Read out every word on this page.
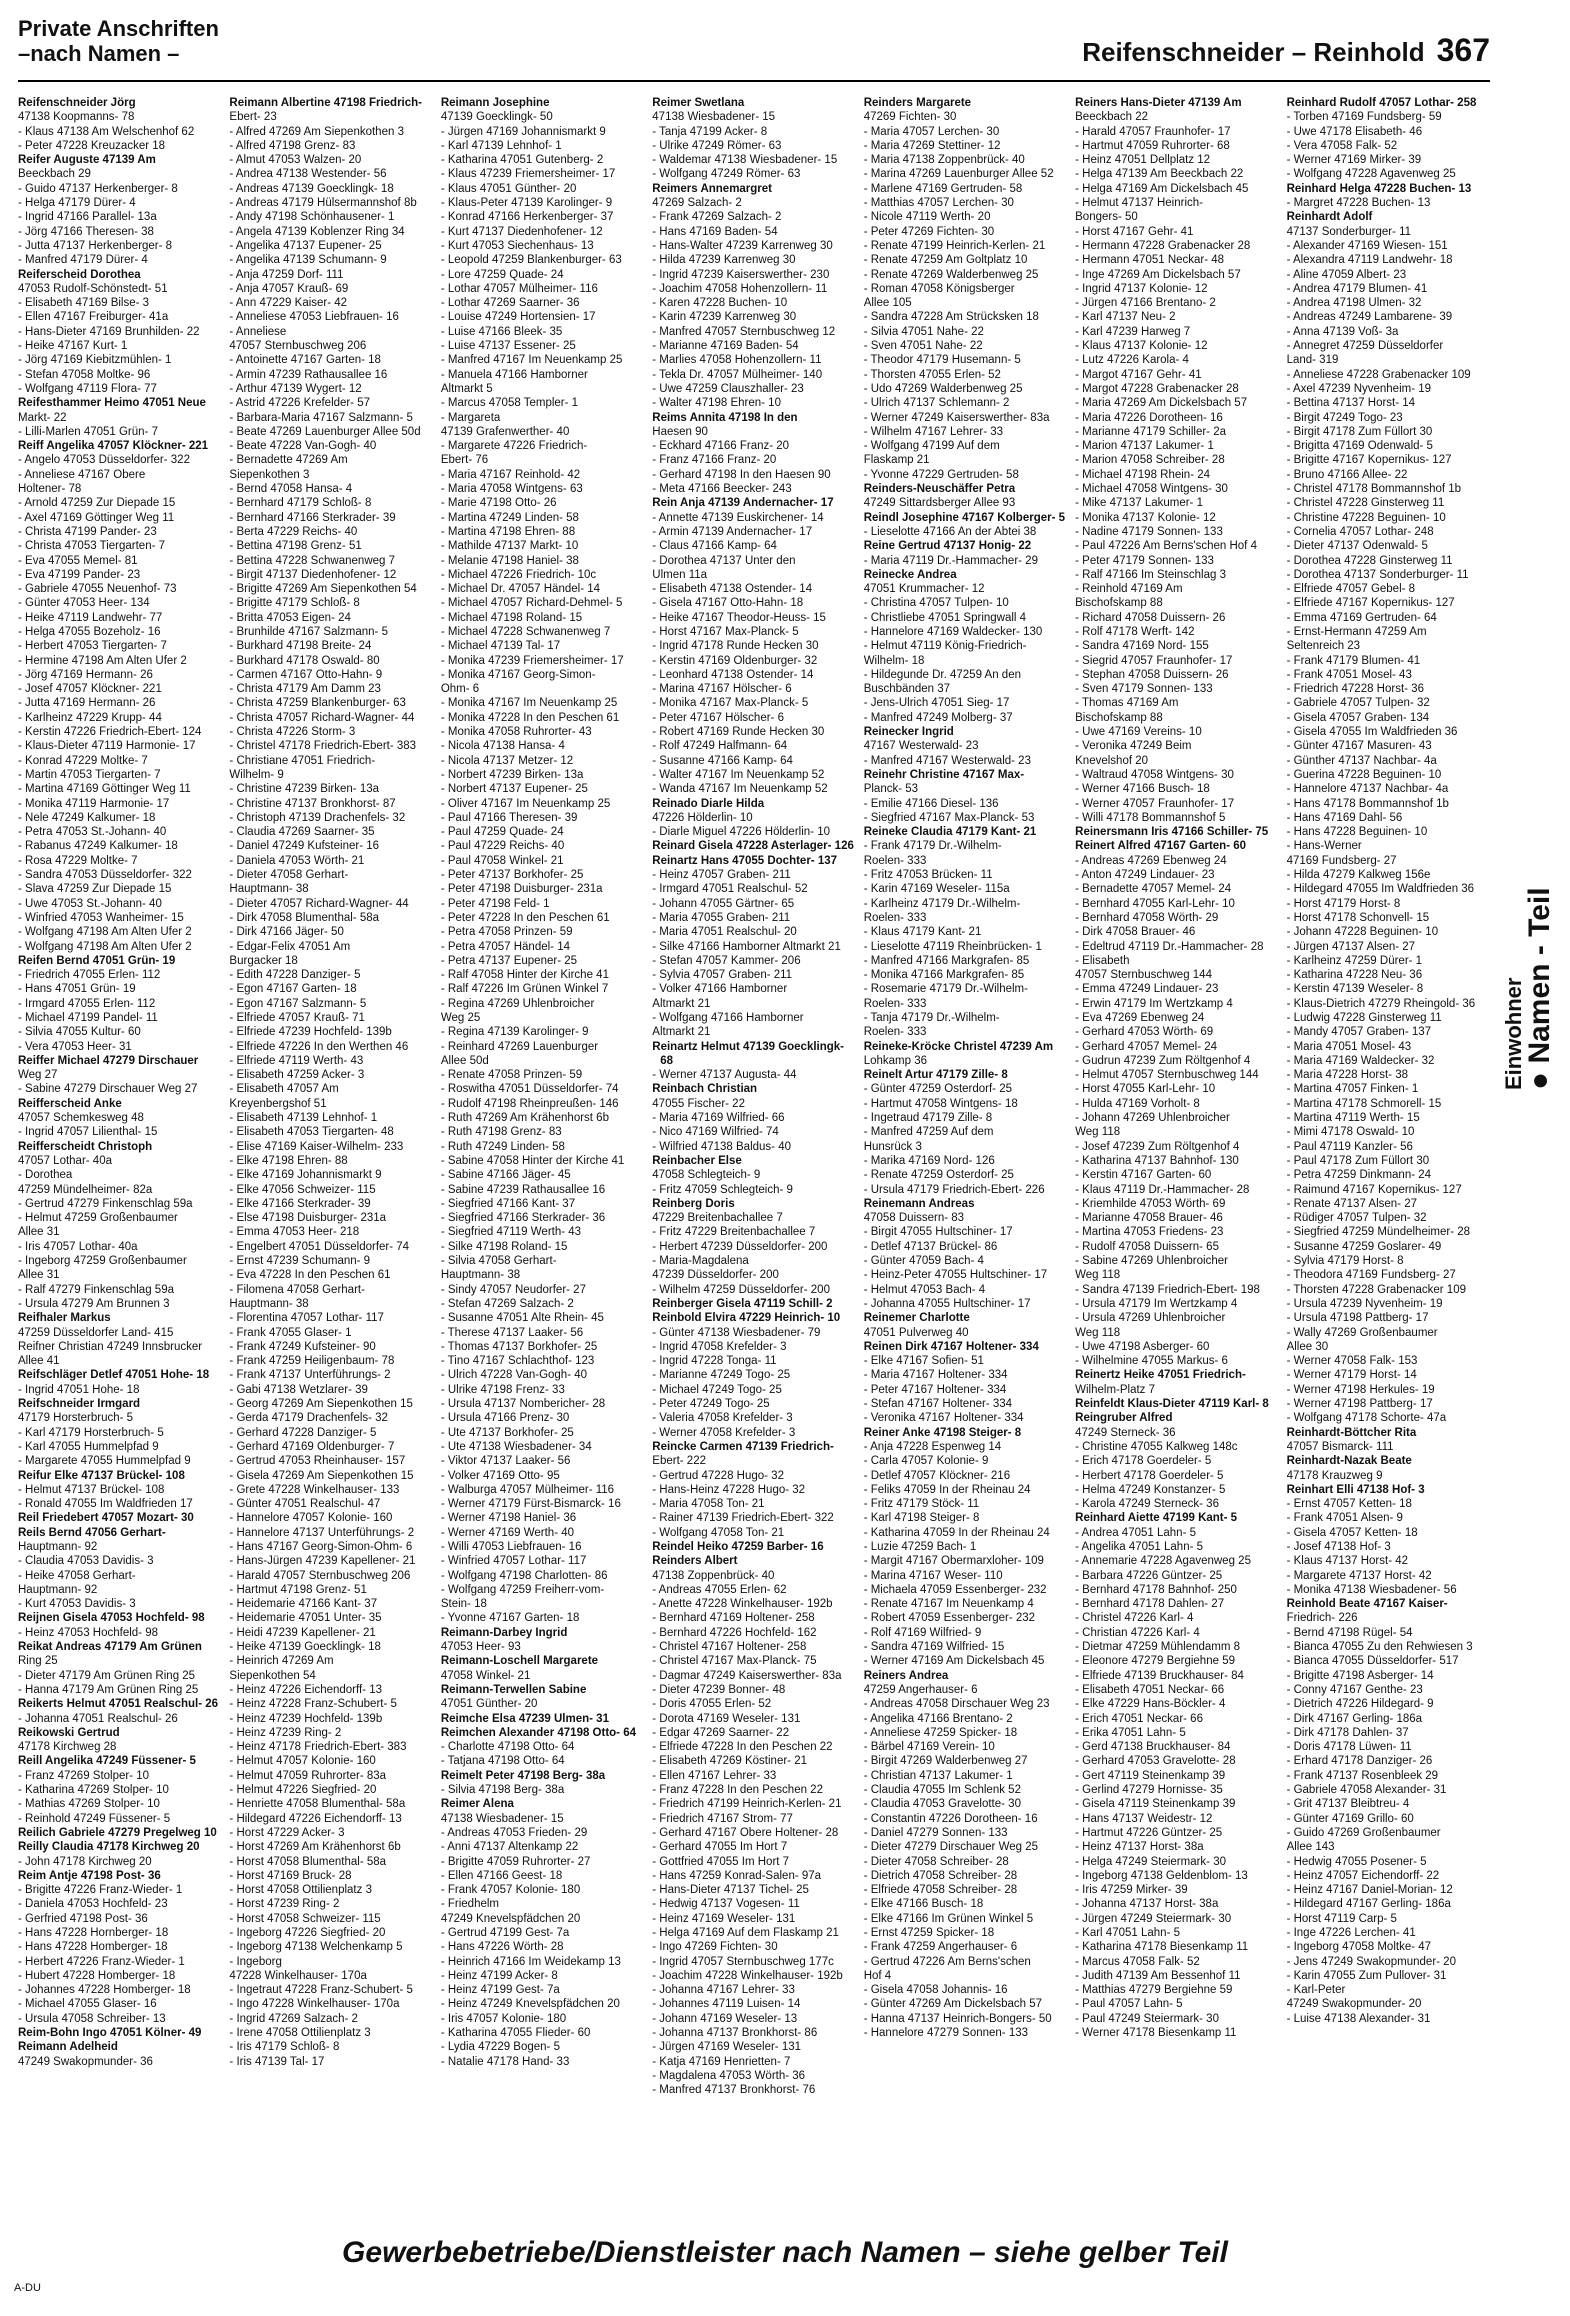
Private Anschriften
–nach Namen –	Reifenschneider – Reinhold 367
Reifenschneider Jörg
47138 Koopmanns- 78
- Klaus 47138 Am Welschenhof 62
- Peter 47228 Kreuzacker 18
Reifer Auguste 47139 Am
Beeckbach 29
- Guido 47137 Herkenberger- 8
- Helga 47179 Dürer- 4
- Ingrid 47166 Parallel- 13a
- Jörg 47166 Theresen- 38
- Jutta 47137 Herkenberger- 8
- Manfred 47179 Dürer- 4
Reiferscheid Dorothea
47053 Rudolf-Schönstedt- 51
- Elisabeth 47169 Bilse- 3
- Ellen 47167 Freiburger- 41a
- Hans-Dieter 47169 Brunhilden- 22
- Heike 47167 Kurt- 1
- Jörg 47169 Kiebitzmühlen- 1
- Stefan 47058 Moltke- 96
- Wolfgang 47119 Flora- 77
Reifesthammer Heimo 47051 Neue
Markt- 22
- Lilli-Marlen 47051 Grün- 7
Reiff Angelika 47057 Klöckner- 221
- Angelo 47053 Düsseldorfer- 322
- Anneliese 47167 Obere
Holtener- 78
- Arnold 47259 Zur Diepade 15
- Axel 47169 Göttinger Weg 11
- Christa 47199 Pander- 23
- Christa 47053 Tiergarten- 7
- Eva 47055 Memel- 81
- Eva 47199 Pander- 23
- Gabriele 47055 Neuenhof- 73
- Günter 47053 Heer- 134
- Heike 47119 Landwehr- 77
- Helga 47055 Bozeholz- 16
- Herbert 47053 Tiergarten- 7
- Hermine 47198 Am Alten Ufer 2
- Jörg 47169 Hermann- 26
- Josef 47057 Klöckner- 221
- Jutta 47169 Hermann- 26
- Karlheinz 47229 Krupp- 44
- Kerstin 47226 Friedrich-Ebert- 124
- Klaus-Dieter 47119 Harmonie- 17
- Konrad 47229 Moltke- 7
- Martin 47053 Tiergarten- 7
- Martina 47169 Göttinger Weg 11
- Monika 47119 Harmonie- 17
- Nele 47249 Kalkumer- 18
- Petra 47053 St.-Johann- 40
- Rabanus 47249 Kalkumer- 18
- Rosa 47229 Moltke- 7
- Sandra 47053 Düsseldorfer- 322
- Slava 47259 Zur Diepade 15
- Uwe 47053 St.-Johann- 40
- Winfried 47053 Wanheimer- 15
- Wolfgang 47198 Am Alten Ufer 2
- Wolfgang 47198 Am Alten Ufer 2
Reifen Bernd 47051 Grün- 19
- Friedrich 47055 Erlen- 112
- Hans 47051 Grün- 19
- Irmgard 47055 Erlen- 112
- Michael 47199 Pandel- 11
- Silvia 47055 Kultur- 60
- Vera 47053 Heer- 31
Reiffer Michael 47279 Dirschauer
Weg 27
- Sabine 47279 Dirschauer Weg 27
Reifferscheid Anke
47057 Schemkesweg 48
- Ingrid 47057 Lilienthal- 15
Reifferscheidt Christoph
47057 Lothar- 40a
- Dorothea
47259 Mündelheimer- 82a
- Gertrud 47279 Finkenschlag 59a
- Helmut 47259 Großenbaumer
Allee 31
- Iris 47057 Lothar- 40a
- Ingeborg 47259 Großenbaumer
Allee 31
- Ralf 47279 Finkenschlag 59a
- Ursula 47279 Am Brunnen 3
Reifhaler Markus
47259 Düsseldorfer Land- 415
Reifner Christian 47249 Innsbrucker
Allee 41
Reifschläger Detlef 47051 Hohe- 18
- Ingrid 47051 Hohe- 18
Reifschneider Irmgard
47179 Horsterbruch- 5
- Karl 47179 Horsterbruch- 5
- Karl 47055 Hummelpfad 9
- Margarete 47055 Hummelpfad 9
Reifur Elke 47137 Brückel- 108
- Helmut 47137 Brückel- 108
- Ronald 47055 Im Waldfrieden 17
Reil Friedebert 47057 Mozart- 30
Reils Bernd 47056 Gerhart-
Hauptmann- 92
- Claudia 47053 Davidis- 3
- Heike 47058 Gerhart-
Hauptmann- 92
- Kurt 47053 Davidis- 3
Reijnen Gisela 47053 Hochfeld- 98
- Heinz 47053 Hochfeld- 98
Reikat Andreas 47179 Am Grünen
Ring 25
- Dieter 47179 Am Grünen Ring 25
- Hanna 47179 Am Grünen Ring 25
Reikerts Helmut 47051 Realschul- 26
- Johanna 47051 Realschul- 26
Reikowski Gertrud
47178 Kirchweg 28
Reill Angelika 47249 Füssener- 5
- Franz 47269 Stolper- 10
- Katharina 47269 Stolper- 10
- Mathias 47269 Stolper- 10
- Reinhold 47249 Füssener- 5
Reilich Gabriele 47279 Pregelweg 10
Reilly Claudia 47178 Kirchweg 20
- John 47178 Kirchweg 20
Reim Antje 47198 Post- 36
- Brigitte 47226 Franz-Wieder- 1
- Daniela 47053 Hochfeld- 23
- Gerfried 47198 Post- 36
- Hans 47228 Hornberger- 18
- Hans 47228 Homberger- 18
- Herbert 47226 Franz-Wieder- 1
- Hubert 47228 Homberger- 18
- Johannes 47228 Homberger- 18
- Michael 47055 Glaser- 16
- Ursula 47058 Schreiber- 13
Reim-Bohn Ingo 47051 Kölner- 49
Reimann Adelheid
47249 Swakopmunder- 36
Reimann Albertine 47198 Friedrich-
Ebert- 23
- Alfred 47269 Am Siepenkothen 3
- Alfred 47198 Grenz- 83
- Almut 47053 Walzen- 20
- Andrea 47138 Westender- 56
- Andreas 47139 Goecklingk- 18
- Andreas 47179 Hülsermannshof 8b
- Andy 47198 Schönhausener- 1
- Angela 47139 Koblenzer Ring 34
- Angelika 47137 Eupener- 25
- Angelika 47139 Schumann- 9
- Anja 47259 Dorf- 111
- Anja 47057 Krauß- 69
- Ann 47229 Kaiser- 42
- Anneliese 47053 Liebfrauen- 16
- Anneliese
47057 Sternbuschweg 206
- Antoinette 47167 Garten- 18
- Armin 47239 Rathausallee 16
- Arthur 47139 Wygert- 12
- Astrid 47226 Krefelder- 57
- Barbara-Maria 47167 Salzmann- 5
- Beate 47269 Lauenburger Allee 50d
- Beate 47228 Van-Gogh- 40
- Bernadette 47269 Am
Siepenkothen 3
- Bernd 47058 Hansa- 4
- Bernhard 47179 Schloß- 8
- Bernhard 47166 Sterkrader- 39
- Berta 47229 Reichs- 40
- Bettina 47198 Grenz- 51
- Bettina 47228 Schwanenweg 7
- Birgit 47137 Diedenhofener- 12
- Brigitte 47269 Am Siepenkothen 54
- Brigitte 47179 Schloß- 8
- Britta 47053 Eigen- 24
- Brunhilde 47167 Salzmann- 5
- Burkhard 47198 Breite- 24
- Burkhard 47178 Oswald- 80
- Carmen 47167 Otto-Hahn- 9
- Christa 47179 Am Damm 23
- Christa 47259 Blankenburger- 63
- Christa 47057 Richard-Wagner- 44
- Christa 47226 Storm- 3
- Christel 47178 Friedrich-Ebert- 383
- Christiane 47051 Friedrich-
Wilhelm- 9
- Christine 47239 Birken- 13a
- Christine 47137 Bronkhorst- 87
- Christoph 47139 Drachenfels- 32
- Claudia 47269 Saarner- 35
- Daniel 47249 Kufsteiner- 16
- Daniela 47053 Wörth- 21
- Dieter 47058 Gerhart-
Hauptmann- 38
- Dieter 47057 Richard-Wagner- 44
- Dirk 47058 Blumenthal- 58a
- Dirk 47166 Jäger- 50
- Edgar-Felix 47051 Am
Burgacker 18
- Edith 47228 Danziger- 5
- Egon 47167 Garten- 18
- Egon 47167 Salzmann- 5
- Elfriede 47057 Krauß- 71
- Elfriede 47239 Hochfeld- 139b
- Elfriede 47226 In den Werthen 46
- Elfriede 47119 Werth- 43
- Elisabeth 47259 Acker- 3
- Elisabeth 47057 Am
Kreyenbergshof 51
- Elisabeth 47139 Lehnhof- 1
- Elisabeth 47053 Tiergarten- 48
- Elise 47169 Kaiser-Wilhelm- 233
- Elke 47198 Ehren- 88
- Elke 47169 Johannismarkt 9
- Elke 47056 Schweizer- 115
- Elke 47166 Sterkrader- 39
- Else 47198 Duisburger- 231a
- Emma 47053 Heer- 218
- Engelbert 47051 Düsseldorfer- 74
- Ernst 47239 Schumann- 9
- Eva 47228 In den Peschen 61
- Filomena 47058 Gerhart-
Hauptmann- 38
- Florentina 47057 Lothar- 117
- Frank 47055 Glaser- 1
- Frank 47249 Kufsteiner- 90
- Frank 47259 Heiligenbaum- 78
- Frank 47137 Unterführungs- 2
- Gabi 47138 Wetzlarer- 39
- Georg 47269 Am Siepenkothen 15
- Gerda 47179 Drachenfels- 32
- Gerhard 47228 Danziger- 5
- Gerhard 47169 Oldenburger- 7
- Gertrud 47053 Rheinhauser- 157
- Gisela 47269 Am Siepenkothen 15
- Grete 47228 Winkelhauser- 133
- Günter 47051 Realschul- 47
- Hannelore 47057 Kolonie- 160
- Hannelore 47137 Unterführungs- 2
- Hans 47167 Georg-Simon-Ohm- 6
- Hans-Jürgen 47239 Kapellener- 21
- Harald 47057 Sternbuschweg 206
- Hartmut 47198 Grenz- 51
- Heidemarie 47166 Kant- 37
- Heidemarie 47051 Unter- 35
- Heidi 47239 Kapellener- 21
- Heike 47139 Goecklingk- 18
- Heinrich 47269 Am
Siepenkothen 54
- Heinz 47226 Eichendorff- 13
- Heinz 47228 Franz-Schubert- 5
- Heinz 47239 Hochfeld- 139b
- Heinz 47239 Ring- 2
- Heinz 47178 Friedrich-Ebert- 383
- Helmut 47057 Kolonie- 160
- Helmut 47059 Ruhrorter- 83a
- Helmut 47226 Siegfried- 20
- Henriette 47058 Blumenthal- 58a
- Hildegard 47226 Eichendorff- 13
- Horst 47229 Acker- 3
- Horst 47269 Am Krähenhorst 6b
- Horst 47058 Blumenthal- 58a
- Horst 47169 Bruck- 28
- Horst 47058 Ottilienplatz 3
- Horst 47239 Ring- 2
- Horst 47058 Schweizer- 115
- Ingeborg 47226 Siegfried- 20
- Ingeborg 47138 Welchenkamp 5
- Ingeborg
47228 Winkelhauser- 170a
- Ingetraut 47228 Franz-Schubert- 5
- Ingo 47228 Winkelhauser- 170a
- Ingrid 47269 Salzach- 2
- Irene 47058 Ottilienplatz 3
- Iris 47179 Schloß- 8
- Iris 47139 Tal- 17
Reimann Josephine
47139 Goecklingk- 50
- Jürgen 47169 Johannismarkt 9
- Karl 47139 Lehnhof- 1
- Katharina 47051 Gutenberg- 2
- Klaus 47239 Friemersheimer- 17
- Klaus 47051 Günther- 20
- Klaus-Peter 47139 Karolinger- 9
- Konrad 47166 Herkenberger- 37
- Kurt 47137 Diedenhofener- 12
- Kurt 47053 Siechenhaus- 13
- Leopold 47259 Blankenburger- 63
- Lore 47259 Quade- 24
- Lothar 47057 Mülheimer- 116
- Lothar 47269 Saarner- 36
- Louise 47249 Hortensien- 17
- Luise 47166 Bleek- 35
- Luise 47137 Essener- 25
- Manfred 47167 Im Neuenkamp 25
- Manuela 47166 Hamborner
Altmarkt 5
- Marcus 47058 Templer- 1
- Margareta
47139 Grafenwerther- 40
- Margarete 47226 Friedrich-
Ebert- 76
- Maria 47167 Reinhold- 42
- Maria 47058 Wintgens- 63
- Marie 47198 Otto- 26
- Martina 47249 Linden- 58
- Martina 47198 Ehren- 88
- Mathilde 47137 Markt- 10
- Melanie 47198 Haniel- 38
- Michael 47226 Friedrich- 10c
- Michael Dr. 47057 Händel- 14
- Michael 47057 Richard-Dehmel- 5
- Michael 47198 Roland- 15
- Michael 47228 Schwanenweg 7
- Michael 47139 Tal- 17
- Monika 47239 Friemersheimer- 17
- Monika 47167 Georg-Simon-
Ohm- 6
- Monika 47167 Im Neuenkamp 25
- Monika 47228 In den Peschen 61
- Monika 47058 Ruhrorter- 43
- Nicola 47138 Hansa- 4
- Nicola 47137 Metzer- 12
- Norbert 47239 Birken- 13a
- Norbert 47137 Eupener- 25
- Oliver 47167 Im Neuenkamp 25
- Paul 47166 Theresen- 39
- Paul 47259 Quade- 24
- Paul 47229 Reichs- 40
- Paul 47058 Winkel- 21
- Peter 47137 Borkhofer- 25
- Peter 47198 Duisburger- 231a
- Peter 47198 Feld- 1
- Peter 47228 In den Peschen 61
- Petra 47058 Prinzen- 59
- Petra 47057 Händel- 14
- Petra 47137 Eupener- 25
- Ralf 47058 Hinter der Kirche 41
- Ralf 47226 Im Grünen Winkel 7
- Regina 47269 Uhlenbroicher
Weg 25
- Regina 47139 Karolinger- 9
- Reinhard 47269 Lauenburger
Allee 50d
- Renate 47058 Prinzen- 59
- Roswitha 47051 Düsseldorfer- 74
- Rudolf 47198 Rheinpreußen- 146
- Ruth 47269 Am Krähenhorst 6b
- Ruth 47198 Grenz- 83
- Ruth 47249 Linden- 58
- Sabine 47058 Hinter der Kirche 41
- Sabine 47166 Jäger- 45
- Sabine 47239 Rathausallee 16
- Siegfried 47166 Kant- 37
- Siegfried 47166 Sterkrader- 36
- Siegfried 47119 Werth- 43
- Silke 47198 Roland- 15
- Silvia 47058 Gerhart-
Hauptmann- 38
- Sindy 47057 Neudorfer- 27
- Stefan 47269 Salzach- 2
- Susanne 47051 Alte Rhein- 45
- Therese 47137 Laaker- 56
- Thomas 47137 Borkhofer- 25
- Tino 47167 Schlachthof- 123
- Ulrich 47228 Van-Gogh- 40
- Ulrike 47198 Frenz- 33
- Ursula 47137 Nombericher- 28
- Ursula 47166 Prenz- 30
- Ute 47137 Borkhofer- 25
- Ute 47138 Wiesbadener- 34
- Viktor 47137 Laaker- 56
- Volker 47169 Otto- 95
- Walburga 47057 Mülheimer- 116
- Werner 47179 Fürst-Bismarck- 16
- Werner 47198 Haniel- 36
- Werner 47169 Werth- 40
- Willi 47053 Liebfrauen- 16
- Winfried 47057 Lothar- 117
- Wolfgang 47198 Charlotten- 86
- Wolfgang 47259 Freiherr-vom-
Stein- 18
- Yvonne 47167 Garten- 18
Reimann-Darbey Ingrid
47053 Heer- 93
Reimann-Loschell Margarete
47058 Winkel- 21
Reimann-Terwellen Sabine
47051 Günther- 20
Reimche Elsa 47239 Ulmen- 31
Reimchen Alexander 47198 Otto- 64
- Charlotte 47198 Otto- 64
- Tatjana 47198 Otto- 64
Reimelt Peter 47198 Berg- 38a
- Silvia 47198 Berg- 38a
Reimer Alena
47138 Wiesbadener- 15
- Andreas 47053 Frieden- 29
- Anni 47137 Altenkamp 22
- Brigitte 47059 Ruhrorter- 27
- Ellen 47166 Geest- 18
- Frank 47057 Kolonie- 180
- Friedhelm
47249 Knevelspfädchen 20
- Gertrud 47199 Gest- 7a
- Hans 47226 Wörth- 28
- Heinrich 47166 Im Weidekamp 13
- Heinz 47199 Acker- 8
- Heinz 47199 Gest- 7a
- Heinz 47249 Knevelspfädchen 20
- Iris 47057 Kolonie- 180
- Katharina 47055 Flieder- 60
- Lydia 47229 Bogen- 5
- Natalie 47178 Hand- 33
Reimer Swetlana
47138 Wiesbadener- 15
- Tanja 47199 Acker- 8
- Ulrike 47249 Römer- 63
- Waldemar 47138 Wiesbadener- 15
- Wolfgang 47249 Römer- 63
Reimers Annemargret
47269 Salzach- 2
- Frank 47269 Salzach- 2
- Hans 47169 Baden- 54
- Hans-Walter 47239 Karrenweg 30
- Hilda 47239 Karrenweg 30
- Ingrid 47239 Kaiserswerther- 230
- Joachim 47058 Hohenzollern- 11
- Karen 47228 Buchen- 10
- Karin 47239 Karrenweg 30
- Manfred 47057 Sternbuschweg 12
- Marianne 47169 Baden- 54
- Marlies 47058 Hohenzollern- 11
- Tekla Dr. 47057 Mülheimer- 140
- Uwe 47259 Clauszhaller- 23
- Walter 47198 Ehren- 10
Reims Annita 47198 In den
Haesen 90
- Eckhard 47166 Franz- 20
- Franz 47166 Franz- 20
- Gerhard 47198 In den Haesen 90
- Meta 47166 Beecker- 243
Rein Anja 47139 Andernacher- 17
- Annette 47139 Euskirchener- 14
- Armin 47139 Andernacher- 17
- Claus 47166 Kamp- 64
- Dorothea 47137 Unter den
Ulmen 11a
- Elisabeth 47138 Ostender- 14
- Gisela 47167 Otto-Hahn- 18
- Heike 47167 Theodor-Heuss- 15
- Horst 47167 Max-Planck- 5
- Ingrid 47178 Runde Hecken 30
- Kerstin 47169 Oldenburger- 32
- Leonhard 47138 Ostender- 14
- Marina 47167 Hölscher- 6
- Monika 47167 Max-Planck- 5
- Peter 47167 Hölscher- 6
- Robert 47169 Runde Hecken 30
- Rolf 47249 Halfmann- 64
- Susanne 47166 Kamp- 64
- Walter 47167 Im Neuenkamp 52
- Wanda 47167 Im Neuenkamp 52
Reinado Diarle Hilda
47226 Hölderlin- 10
- Diarle Miguel 47226 Hölderlin- 10
Reinard Gisela 47228 Asterlager- 126
Reinartz Hans 47055 Dochter- 137
- Heinz 47057 Graben- 211
- Irmgard 47051 Realschul- 52
- Johann 47055 Gärtner- 65
- Maria 47055 Graben- 211
- Maria 47051 Realschul- 20
- Silke 47166 Hamborner Altmarkt 21
- Stefan 47057 Kammer- 206
- Sylvia 47057 Graben- 211
- Volker 47166 Hamborner
Altmarkt 21
- Wolfgang 47166 Hamborner
Altmarkt 21
Reinartz Helmut 47139 Goecklingk- 68
- Werner 47137 Augusta- 44
Reinbach Christian
47055 Fischer- 22
- Maria 47169 Wilfried- 66
- Nico 47169 Wilfried- 74
- Wilfried 47138 Baldus- 40
Reinbacher Else
47058 Schlegteich- 9
- Fritz 47059 Schlegteich- 9
Reinberg Doris
47229 Breitenbachallee 7
- Fritz 47229 Breitenbachallee 7
- Herbert 47239 Düsseldorfer- 200
- Maria-Magdalena
47239 Düsseldorfer- 200
- Wilhelm 47259 Düsseldorfer- 200
Reinberger Gisela 47119 Schill- 2
Reinbold Elvira 47229 Heinrich- 10
- Günter 47138 Wiesbadener- 79
- Ingrid 47058 Krefelder- 3
- Ingrid 47228 Tonga- 11
- Marianne 47249 Togo- 25
- Michael 47249 Togo- 25
- Peter 47249 Togo- 25
- Valeria 47058 Krefelder- 3
- Werner 47058 Krefelder- 3
Reincke Carmen 47139 Friedrich-
Ebert- 222
- Gertrud 47228 Hugo- 32
- Hans-Heinz 47228 Hugo- 32
- Maria 47058 Ton- 21
- Rainer 47139 Friedrich-Ebert- 322
- Wolfgang 47058 Ton- 21
Reindel Heiko 47259 Barber- 16
Reinders Albert
47138 Zoppenbrück- 40
- Andreas 47055 Erlen- 62
- Anette 47228 Winkelhauser- 192b
- Bernhard 47169 Holtener- 258
- Bernhard 47226 Hochfeld- 162
- Christel 47167 Holtener- 258
- Christel 47167 Max-Planck- 75
- Dagmar 47249 Kaiserswerther- 83a
- Dieter 47239 Bonner- 48
- Doris 47055 Erlen- 52
- Dorota 47169 Weseler- 131
- Edgar 47269 Saarner- 22
- Elfriede 47228 In den Peschen 22
- Elisabeth 47269 Köstiner- 21
- Ellen 47167 Lehrer- 33
- Franz 47228 In den Peschen 22
- Friedrich 47199 Heinrich-Kerlen- 21
- Friedrich 47167 Strom- 77
- Gerhard 47167 Obere Holtener- 28
- Gerhard 47055 Im Hort 7
- Gottfried 47055 Im Hort 7
- Hans 47259 Konrad-Salen- 97a
- Hans-Dieter 47137 Tichel- 25
- Hedwig 47137 Vogesen- 11
- Heinz 47169 Weseler- 131
- Helga 47169 Auf dem Flaskamp 21
- Ingo 47269 Fichten- 30
- Ingrid 47057 Sternbuschweg 177c
- Joachim 47228 Winkelhauser- 192b
- Johanna 47167 Lehrer- 33
- Johannes 47119 Luisen- 14
- Johann 47169 Weseler- 13
- Johanna 47137 Bronkhorst- 86
- Jürgen 47169 Weseler- 131
- Katja 47169 Henrietten- 7
- Magdalena 47053 Wörth- 36
- Manfred 47137 Bronkhorst- 76
Reinders Margarete
47269 Fichten- 30
- Maria 47057 Lerchen- 30
- Maria 47269 Stettiner- 12
- Maria 47138 Zoppenbrück- 40
- Marina 47269 Lauenburger Allee 52
- Marlene 47169 Gertruden- 58
- Matthias 47057 Lerchen- 30
- Nicole 47119 Werth- 20
- Peter 47269 Fichten- 30
- Renate 47199 Heinrich-Kerlen- 21
- Renate 47259 Am Goltplatz 10
- Renate 47269 Walderbenweg 25
- Roman 47058 Königsberger
Allee 105
- Sandra 47228 Am Strücksken 18
- Silvia 47051 Nahe- 22
- Sven 47051 Nahe- 22
- Theodor 47179 Husemann- 5
- Thorsten 47055 Erlen- 52
- Udo 47269 Walderbenweg 25
- Ulrich 47137 Schlemann- 2
- Werner 47249 Kaiserswerther- 83a
- Wilhelm 47167 Lehrer- 33
- Wolfgang 47199 Auf dem
Flaskamp 21
- Yvonne 47229 Gertruden- 58
Reinders-Neuschäffer Petra
47249 Sittardsberger Allee 93
Reindl Josephine 47167 Kolberger- 5
- Lieselotte 47166 An der Abtei 38
Reine Gertrud 47137 Honig- 22
- Maria 47119 Dr.-Hammacher- 29
Reinecke Andrea
47051 Krummacher- 12
- Christina 47057 Tulpen- 10
- Christliebe 47051 Springwall 4
- Hannelore 47169 Waldecker- 130
- Helmut 47119 König-Friedrich-
Wilhelm- 18
- Hildegunde Dr. 47259 An den
Buschbänden 37
- Jens-Ulrich 47051 Sieg- 17
- Manfred 47249 Molberg- 37
Reinecker Ingrid
47167 Westerwald- 23
- Manfred 47167 Westerwald- 23
Reinehr Christine 47167 Max-
Planck- 53
- Emilie 47166 Diesel- 136
- Siegfried 47167 Max-Planck- 53
Reineke Claudia 47179 Kant- 21
- Frank 47179 Dr.-Wilhelm-
Roelen- 333
- Fritz 47053 Brücken- 11
- Karin 47169 Weseler- 115a
- Karlheinz 47179 Dr.-Wilhelm-
Roelen- 333
- Klaus 47179 Kant- 21
- Lieselotte 47119 Rheinbrücken- 1
- Manfred 47166 Markgrafen- 85
- Monika 47166 Markgrafen- 85
- Rosemarie 47179 Dr.-Wilhelm-
Roelen- 333
- Tanja 47179 Dr.-Wilhelm-
Roelen- 333
Reineke-Kröcke Christel 47239 Am
Lohkamp 36
Reinelt Artur 47179 Zille- 8
- Günter 47259 Osterdorf- 25
- Hartmut 47058 Wintgens- 18
- Ingetraud 47179 Zille- 8
- Manfred 47259 Auf dem
Hunsrück 3
- Marika 47169 Nord- 126
- Renate 47259 Osterdorf- 25
- Ursula 47179 Friedrich-Ebert- 226
Reinemann Andreas
47058 Duissern- 83
- Birgit 47055 Hultschiner- 17
- Detlef 47137 Brückel- 86
- Günter 47059 Bach- 4
- Heinz-Peter 47055 Hultschiner- 17
- Helmut 47053 Bach- 4
- Johanna 47055 Hultschiner- 17
Reinemer Charlotte
47051 Pulverweg 40
Reinen Dirk 47167 Holtener- 334
- Elke 47167 Sofien- 51
- Maria 47167 Holtener- 334
- Peter 47167 Holtener- 334
- Stefan 47167 Holtener- 334
- Veronika 47167 Holtener- 334
Reiner Anke 47198 Steiger- 8
- Anja 47228 Espenweg 14
- Carla 47057 Kolonie- 9
- Detlef 47057 Klöckner- 216
- Feliks 47059 In der Rheinau 24
- Fritz 47179 Stöck- 11
- Karl 47198 Steiger- 8
- Katharina 47059 In der Rheinau 24
- Luzie 47259 Bach- 1
- Margit 47167 Obermarxloher- 109
- Marina 47167 Weser- 110
- Michaela 47059 Essenberger- 232
- Renate 47167 Im Neuenkamp 4
- Robert 47059 Essenberger- 232
- Rolf 47169 Wilfried- 9
- Sandra 47169 Wilfried- 15
- Werner 47169 Am Dickelsbach 45
Reiners Andrea
47259 Angerhauser- 6
- Andreas 47058 Dirschauer Weg 23
- Angelika 47166 Brentano- 2
- Anneliese 47259 Spicker- 18
- Bärbel 47169 Verein- 10
- Birgit 47269 Walderbenweg 27
- Christian 47137 Lakumer- 1
- Claudia 47055 Im Schlenk 52
- Claudia 47053 Gravelotte- 30
- Constantin 47226 Dorotheen- 16
- Daniel 47279 Sonnen- 133
- Dieter 47279 Dirschauer Weg 25
- Dieter 47058 Schreiber- 28
- Dietrich 47058 Schreiber- 28
- Elfriede 47058 Schreiber- 28
- Elke 47166 Busch- 18
- Elke 47166 Im Grünen Winkel 5
- Ernst 47259 Spicker- 18
- Frank 47259 Angerhauser- 6
- Gertrud 47226 Am Berns'schen
Hof 4
- Gisela 47058 Johannis- 16
- Günter 47269 Am Dickelsbach 57
- Hanna 47137 Heinrich-Bongers- 50
- Hannelore 47279 Sonnen- 133
Reiners Hans-Dieter 47139 Am
Beeckbach 22
- Harald 47057 Fraunhofer- 17
- Hartmut 47059 Ruhrorter- 68
- Heinz 47051 Dellplatz 12
- Helga 47139 Am Beeckbach 22
- Helga 47169 Am Dickelsbach 45
- Helmut 47137 Heinrich-
Bongers- 50
- Horst 47167 Gehr- 41
- Hermann 47228 Grabenacker 28
- Hermann 47051 Neckar- 48
- Inge 47269 Am Dickelsbach 57
- Ingrid 47137 Kolonie- 12
- Jürgen 47166 Brentano- 2
- Karl 47137 Neu- 2
- Karl 47239 Harweg 7
- Klaus 47137 Kolonie- 12
- Lutz 47226 Karola- 4
- Margot 47167 Gehr- 41
- Margot 47228 Grabenacker 28
- Maria 47269 Am Dickelsbach 57
- Maria 47226 Dorotheen- 16
- Marianne 47179 Schiller- 2a
- Marion 47137 Lakumer- 1
- Marion 47058 Schreiber- 28
- Michael 47198 Rhein- 24
- Michael 47058 Wintgens- 30
- Mike 47137 Lakumer- 1
- Monika 47137 Kolonie- 12
- Nadine 47179 Sonnen- 133
- Paul 47226 Am Berns'schen Hof 4
- Peter 47179 Sonnen- 133
- Ralf 47166 Im Steinschlag 3
- Reinhold 47169 Am
Bischofskamp 88
- Richard 47058 Duissern- 26
- Rolf 47178 Werft- 142
- Sandra 47169 Nord- 155
- Siegrid 47057 Fraunhofer- 17
- Stephan 47058 Duissern- 26
- Sven 47179 Sonnen- 133
- Thomas 47169 Am
Bischofskamp 88
- Uwe 47169 Vereins- 10
- Veronika 47249 Beim
Knevelshof 20
- Waltraud 47058 Wintgens- 30
- Werner 47166 Busch- 18
- Werner 47057 Fraunhofer- 17
- Willi 47178 Bommannshof 5
Reinersmann Iris 47166 Schiller- 75
Reinert Alfred 47167 Garten- 60
- Andreas 47269 Ebenweg 24
- Anton 47249 Lindauer- 23
- Bernadette 47057 Memel- 24
- Bernhard 47055 Karl-Lehr- 10
- Bernhard 47058 Wörth- 29
- Dirk 47058 Brauer- 46
- Edeltrud 47119 Dr.-Hammacher- 28
- Elisabeth
47057 Sternbuschweg 144
- Emma 47249 Lindauer- 23
- Erwin 47179 Im Wertzkamp 4
- Eva 47269 Ebenweg 24
- Gerhard 47053 Wörth- 69
- Gerhard 47057 Memel- 24
- Gudrun 47239 Zum Röltgenhof 4
- Helmut 47057 Sternbuschweg 144
- Horst 47055 Karl-Lehr- 10
- Hulda 47169 Vorholt- 8
- Johann 47269 Uhlenbroicher
Weg 118
- Josef 47239 Zum Röltgenhof 4
- Katharina 47137 Bahnhof- 130
- Kerstin 47167 Garten- 60
- Klaus 47119 Dr.-Hammacher- 28
- Kriemhilde 47053 Wörth- 69
- Marianne 47058 Brauer- 46
- Martina 47053 Friedens- 23
- Rudolf 47058 Duissern- 65
- Sabine 47269 Uhlenbroicher
Weg 118
- Sandra 47139 Friedrich-Ebert- 198
- Ursula 47179 Im Wertzkamp 4
- Ursula 47269 Uhlenbroicher
Weg 118
- Uwe 47198 Asberger- 60
- Wilhelmine 47055 Markus- 6
Reinertz Heike 47051 Friedrich-
Wilhelm-Platz 7
Reinfeldt Klaus-Dieter 47119 Karl- 8
Reingruber Alfred
47249 Sterneck- 36
- Christine 47055 Kalkweg 148c
- Erich 47178 Goerdeler- 5
- Herbert 47178 Goerdeler- 5
- Helma 47249 Konstanzer- 5
- Karola 47249 Sterneck- 36
Reinhard Aiette 47199 Kant- 5
- Andrea 47051 Lahn- 5
- Angelika 47051 Lahn- 5
- Annemarie 47228 Agavenweg 25
- Barbara 47226 Güntzer- 25
- Bernhard 47178 Bahnhof- 250
- Bernhard 47178 Dahlen- 27
- Christel 47226 Karl- 4
- Christian 47226 Karl- 4
- Dietmar 47259 Mühlendamm 8
- Eleonore 47279 Bergiehne 59
- Elfriede 47139 Bruckhauser- 84
- Elisabeth 47051 Neckar- 66
- Elke 47229 Hans-Böckler- 4
- Erich 47051 Neckar- 66
- Erika 47051 Lahn- 5
- Gerd 47138 Bruckhauser- 84
- Gerhard 47053 Gravelotte- 28
- Gert 47119 Steinenkamp 39
- Gerlind 47279 Hornisse- 35
- Gisela 47119 Steinenkamp 39
- Hans 47137 Weidestr- 12
- Hartmut 47226 Güntzer- 25
- Heinz 47137 Horst- 38a
- Helga 47249 Steiermark- 30
- Ingeborg 47138 Geldenblom- 13
- Iris 47259 Mirker- 39
- Johanna 47137 Horst- 38a
- Jürgen 47249 Steiermark- 30
- Karl 47051 Lahn- 5
- Katharina 47178 Biesenkamp 11
- Marcus 47058 Falk- 52
- Judith 47139 Am Bessenhof 11
- Matthias 47279 Bergiehne 59
- Paul 47057 Lahn- 5
- Paul 47249 Steiermark- 30
- Werner 47178 Biesenkamp 11
Reinhard Rudolf 47057 Lothar- 258
- Torben 47169 Fundsberg- 59
- Uwe 47178 Elisabeth- 46
- Vera 47058 Falk- 52
- Werner 47169 Mirker- 39
- Wolfgang 47228 Agavenweg 25
Reinhard Helga 47228 Buchen- 13
- Margret 47228 Buchen- 13
Reinhardt Adolf
47137 Sonderburger- 11
- Alexander 47169 Wiesen- 151
- Alexandra 47119 Landwehr- 18
- Aline 47059 Albert- 23
- Andrea 47179 Blumen- 41
- Andrea 47198 Ulmen- 32
- Andreas 47249 Lambarene- 39
- Anna 47139 Voß- 3a
- Annegret 47259 Düsseldorfer
Land- 319
- Anneliese 47228 Grabenacker 109
- Axel 47239 Nyvenheim- 19
- Bettina 47137 Horst- 14
- Birgit 47249 Togo- 23
- Birgit 47178 Zum Füllort 30
- Brigitta 47169 Odenwald- 5
- Brigitte 47167 Kopernikus- 127
- Bruno 47166 Allee- 22
- Christel 47178 Bommannshof 1b
- Christel 47228 Ginsterweg 11
- Christine 47228 Beguinen- 10
- Cornelia 47057 Lothar- 248
- Dieter 47137 Odenwald- 5
- Dorothea 47228 Ginsterweg 11
- Dorothea 47137 Sonderburger- 11
- Elfriede 47057 Gebel- 8
- Elfriede 47167 Kopernikus- 127
- Emma 47169 Gertruden- 64
- Ernst-Hermann 47259 Am
Seltenreich 23
- Frank 47179 Blumen- 41
- Frank 47051 Mosel- 43
- Friedrich 47228 Horst- 36
- Gabriele 47057 Tulpen- 32
- Gisela 47057 Graben- 134
- Gisela 47055 Im Waldfrieden 36
- Günter 47167 Masuren- 43
- Günther 47137 Nachbar- 4a
- Guerina 47228 Beguinen- 10
- Hannelore 47137 Nachbar- 4a
- Hans 47178 Bommannshof 1b
- Hans 47169 Dahl- 56
- Hans 47228 Beguinen- 10
- Hans-Werner
47169 Fundsberg- 27
- Hilda 47279 Kalkweg 156e
- Hildegard 47055 Im Waldfrieden 36
- Horst 47179 Horst- 8
- Horst 47178 Schonvell- 15
- Johann 47228 Beguinen- 10
- Jürgen 47137 Alsen- 27
- Karlheinz 47259 Dürer- 1
- Katharina 47228 Neu- 36
- Kerstin 47139 Weseler- 8
- Klaus-Dietrich 47279 Rheingold- 36
- Ludwig 47228 Ginsterweg 11
- Mandy 47057 Graben- 137
- Maria 47051 Mosel- 43
- Maria 47169 Waldecker- 32
- Maria 47228 Horst- 38
- Martina 47057 Finken- 1
- Martina 47178 Schmorell- 15
- Martina 47119 Werth- 15
- Mimi 47178 Oswald- 10
- Paul 47119 Kanzler- 56
- Paul 47178 Zum Füllort 30
- Petra 47259 Dinkmann- 24
- Raimund 47167 Kopernikus- 127
- Renate 47137 Alsen- 27
- Rüdiger 47057 Tulpen- 32
- Siegfried 47259 Mündelheimer- 28
- Susanne 47259 Goslarer- 49
- Sylvia 47179 Horst- 8
- Theodora 47169 Fundsberg- 27
- Thorsten 47228 Grabenacker 109
- Ursula 47239 Nyvenheim- 19
- Ursula 47198 Pattberg- 17
- Wally 47269 Großenbaumer
Allee 30
- Werner 47058 Falk- 153
- Werner 47179 Horst- 14
- Werner 47198 Herkules- 19
- Werner 47198 Pattberg- 17
- Wolfgang 47178 Schorte- 47a
Reinhardt-Böttcher Rita
47057 Bismarck- 111
Reinhardt-Nazak Beate
47178 Krauzweg 9
Reinhart Elli 47138 Hof- 3
- Ernst 47057 Ketten- 18
- Frank 47051 Alsen- 9
- Gisela 47057 Ketten- 18
- Josef 47138 Hof- 3
- Klaus 47137 Horst- 42
- Margarete 47137 Horst- 42
- Monika 47138 Wiesbadener- 56
Reinhold Beate 47167 Kaiser-
Friedrich- 226
- Bernd 47198 Rügel- 54
- Bianca 47055 Zu den Rehwiesen 3
- Bianca 47055 Düsseldorfer- 517
- Brigitte 47198 Asberger- 14
- Conny 47167 Genthe- 23
- Dietrich 47226 Hildegard- 9
- Dirk 47167 Gerling- 186a
- Dirk 47178 Dahlen- 37
- Doris 47178 Lüwen- 11
- Erhard 47178 Danziger- 26
- Frank 47137 Rosenbleek 29
- Gabriele 47058 Alexander- 31
- Grit 47137 Bleibtreu- 4
- Günter 47169 Grillo- 60
- Guido 47269 Großenbaumer
Allee 143
- Hedwig 47055 Posener- 5
- Heinz 47057 Eichendorff- 22
- Heinz 47167 Daniel-Morian- 12
- Hildegard 47167 Gerling- 186a
- Horst 47119 Carp- 5
- Inge 47226 Lerchen- 41
- Ingeborg 47058 Moltke- 47
- Jens 47249 Swakopmunder- 20
- Karin 47055 Zum Pullover- 31
- Karl-Peter
47249 Swakopmunder- 20
- Luise 47138 Alexander- 31
Einwohner
● Namen - Teil
Gewerbebetriebe/Dienstleister nach Namen – siehe gelber Teil
A-DU
